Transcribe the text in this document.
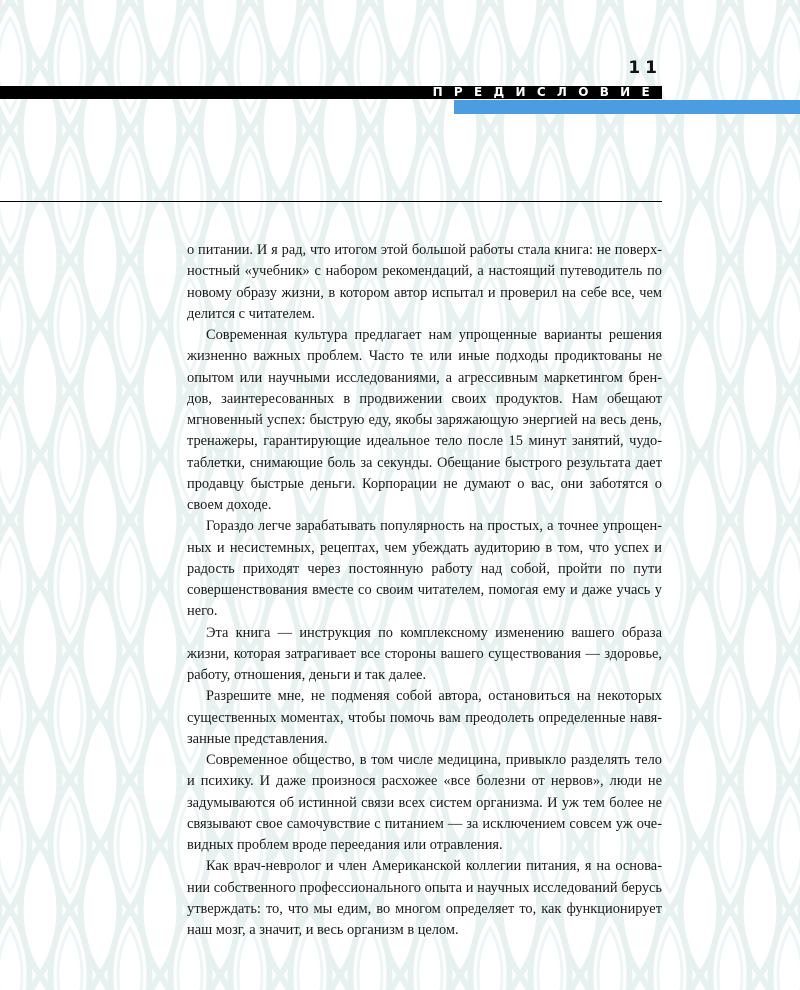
11
ПРЕДИСЛОВИЕ

о питании. И я рад, что итогом этой большой работы стала книга: не поверхностный «учебник» с набором рекомендаций, а настоящий путеводитель по новому образу жизни, в котором автор испытал и проверил на себе все, чем делится с читателем.

Современная культура предлагает нам упрощенные варианты решения жизненно важных проблем. Часто те или иные подходы продиктованы не опытом или научными исследованиями, а агрессивным маркетингом брендов, заинтересованных в продвижении своих продуктов. Нам обещают мгновенный успех: быструю еду, якобы заряжающую энергией на весь день, тренажеры, гарантирующие идеальное тело после 15 минут занятий, чудо-таблетки, снимающие боль за секунды. Обещание быстрого результата дает продавцу быстрые деньги. Корпорации не думают о вас, они заботятся о своем доходе.

Гораздо легче зарабатывать популярность на простых, а точнее упрощенных и несистемных, рецептах, чем убеждать аудиторию в том, что успех и радость приходят через постоянную работу над собой, пройти по пути совершенствования вместе со своим читателем, помогая ему и даже учась у него.

Эта книга — инструкция по комплексному изменению вашего образа жизни, которая затрагивает все стороны вашего существования — здоровье, работу, отношения, деньги и так далее.

Разрешите мне, не подменяя собой автора, остановиться на некоторых существенных моментах, чтобы помочь вам преодолеть определенные навязанные представления.

Современное общество, в том числе медицина, привыкло разделять тело и психику. И даже произнося расхожее «все болезни от нервов», люди не задумываются об истинной связи всех систем организма. И уж тем более не связывают свое самочувствие с питанием — за исключением совсем уж очевидных проблем вроде переедания или отравления.

Как врач-невролог и член Американской коллегии питания, я на основании собственного профессионального опыта и научных исследований берусь утверждать: то, что мы едим, во многом определяет то, как функционирует наш мозг, а значит, и весь организм в целом.
